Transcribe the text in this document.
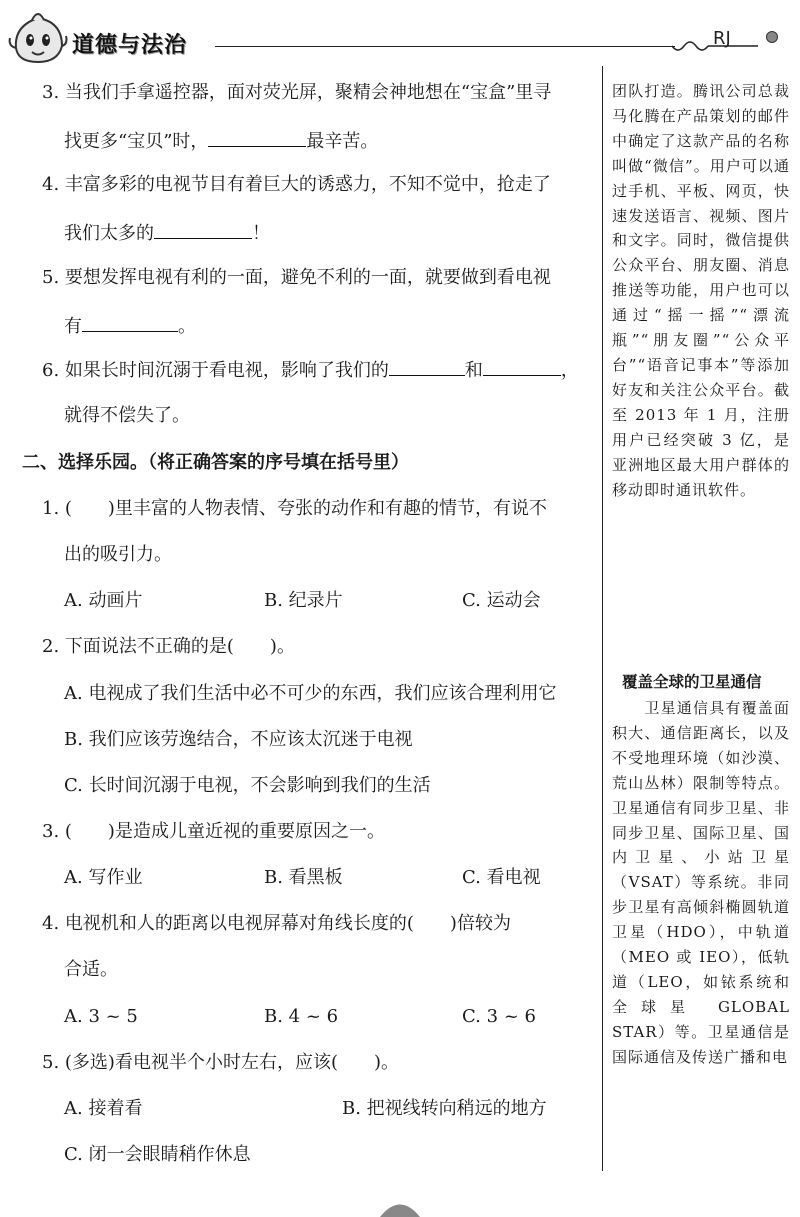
道德与法治	RJ
3. 当我们手拿遥控器，面对荧光屏，聚精会神地想在“宝盒”里寻
找更多“宝贝”时，	最辛苦。
4. 丰富多彩的电视节目有着巨大的诱惑力，不知不觉中，抢走了
我们太多的	！
5. 要想发挥电视有利的一面，避免不利的一面，就要做到看电视
有	。
6. 如果长时间沉溺于看电视，影响了我们的	和	，
就得不偿失了。
二、选择乐园。（将正确答案的序号填在括号里）
1. (　　)里丰富的人物表情、夸张的动作和有趣的情节，有说不
出的吸引力。
A. 动画片	B. 纪录片	C. 运动会
2. 下面说法不正确的是(　　)。
A. 电视成了我们生活中必不可少的东西，我们应该合理利用它
B. 我们应该劳逸结合，不应该太沉迷于电视
C. 长时间沉溺于电视，不会影响到我们的生活
3. (　　)是造成儿童近视的重要原因之一。
A. 写作业	B. 看黑板	C. 看电视
4. 电视机和人的距离以电视屏幕对角线长度的(　　)倍较为
合适。
A. 3 ~ 5	B. 4 ~ 6	C. 3 ~ 6
5. (多选)看电视半个小时左右，应该(　　)。
A. 接着看	B. 把视线转向稍远的地方
C. 闭一会眼睛稍作休息
团队打造。腾讯公司总裁马化腾在产品策划的邮件中确定了这款产品的名称叫做“微信”。用户可以通过手机、平板、网页，快速发送语言、视频、图片和文字。同时，微信提供公众平台、朋友圈、消息推送等功能，用户也可以通过“摇一摇”“漂流瓶”“朋友圈”“公众平台”“语音记事本”等添加好友和关注公众平台。截至 2013 年 1 月，注册用户已经突破 3 亿，是亚洲地区最大用户群体的移动即时通讯软件。
覆盖全球的卫星通信
　　卫星通信具有覆盖面积大、通信距离长，以及不受地理环境（如沙漠、荒山丛林）限制等特点。卫星通信有同步卫星、非同步卫星、国际卫星、国内卫星、小站卫星（VSAT）等系统。非同步卫星有高倾斜椭圆轨道卫星（HDO），中轨道（MEO 或 IEO），低轨道（LEO，如铱系统和全球星 GLOBAL STAR）等。卫星通信是国际通信及传送广播和电
